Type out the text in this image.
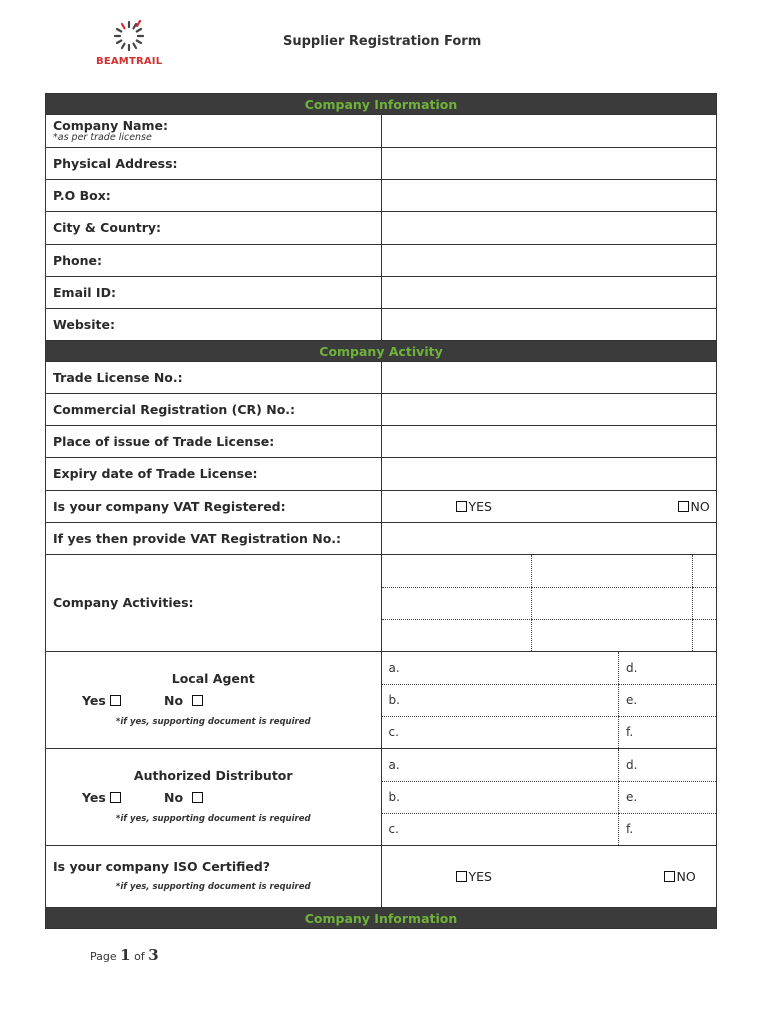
BEAMTRAIL
Supplier Registration Form
Company Information
Company Name:
*as per trade license

Physical Address:	
P.O Box:	
City & Country:	
Phone:	
Email ID:	
Website:	
Company Activity
Trade License No.:	
Commercial Registration (CR) No.:	
Place of issue of Trade License:	
Expiry date of Trade License:	
Is your company VAT Registered:	YES	NO

If yes then provide VAT Registration No.:	
Company Activities:	

Local Agent
Yes	No
*if yes, supporting document is required

a.	d.
b.	e.
c.	f.

Authorized Distributor
Yes	No
*if yes, supporting document is required

a.	d.
b.	e.
c.	f.

Is your company ISO Certified?
*if yes, supporting document is required

YES	NO

Company Information
Page 1 of 3
